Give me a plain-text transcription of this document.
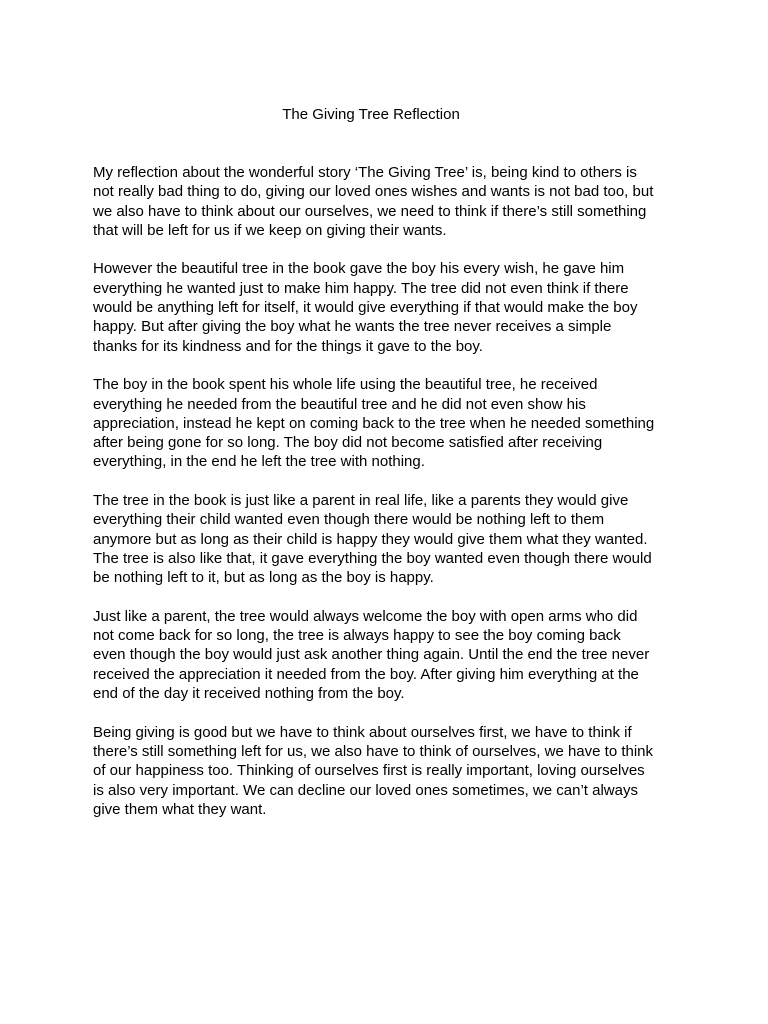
The Giving Tree Reflection

My reflection about the wonderful story ‘The Giving Tree’ is, being kind to others is
not really bad thing to do, giving our loved ones wishes and wants is not bad too, but
we also have to think about our ourselves, we need to think if there’s still something
that will be left for us if we keep on giving their wants.

However the beautiful tree in the book gave the boy his every wish, he gave him
everything he wanted just to make him happy. The tree did not even think if there
would be anything left for itself, it would give everything if that would make the boy
happy. But after giving the boy what he wants the tree never receives a simple
thanks for its kindness and for the things it gave to the boy.

The boy in the book spent his whole life using the beautiful tree, he received
everything he needed from the beautiful tree and he did not even show his
appreciation, instead he kept on coming back to the tree when he needed something
after being gone for so long. The boy did not become satisfied after receiving
everything, in the end he left the tree with nothing.

The tree in the book is just like a parent in real life, like a parents they would give
everything their child wanted even though there would be nothing left to them
anymore but as long as their child is happy they would give them what they wanted.
The tree is also like that, it gave everything the boy wanted even though there would
be nothing left to it, but as long as the boy is happy.

Just like a parent, the tree would always welcome the boy with open arms who did
not come back for so long, the tree is always happy to see the boy coming back
even though the boy would just ask another thing again. Until the end the tree never
received the appreciation it needed from the boy. After giving him everything at the
end of the day it received nothing from the boy.

Being giving is good but we have to think about ourselves first, we have to think if
there’s still something left for us, we also have to think of ourselves, we have to think
of our happiness too. Thinking of ourselves first is really important, loving ourselves
is also very important. We can decline our loved ones sometimes, we can’t always
give them what they want.
